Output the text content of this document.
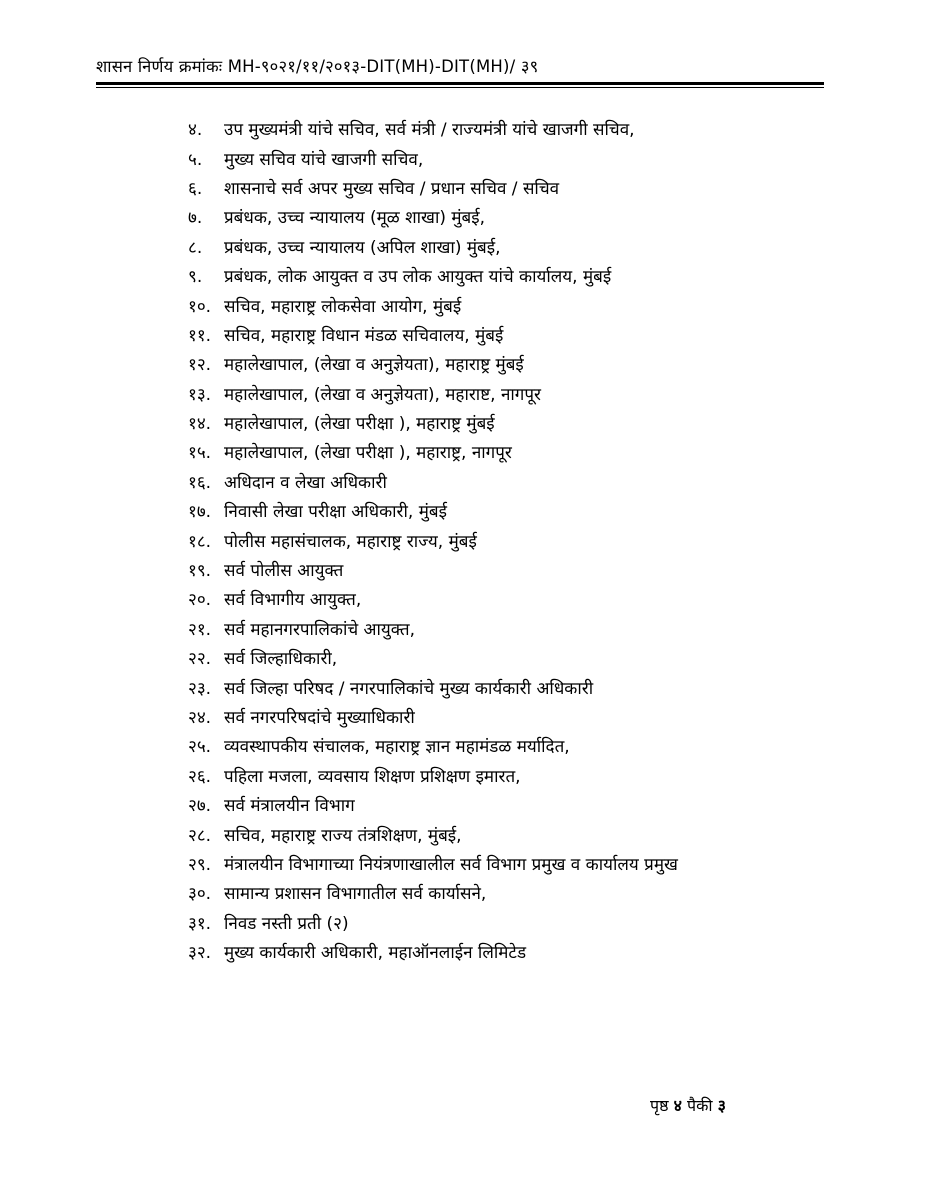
शासन निर्णय क्रमांकः MH-९०२१/११/२०१३-DIT(MH)-DIT(MH)/ ३९
४.	उप मुख्यमंत्री यांचे सचिव, सर्व मंत्री / राज्यमंत्री यांचे खाजगी सचिव,
५.	मुख्य सचिव यांचे खाजगी सचिव,
६.	शासनाचे सर्व अपर मुख्य सचिव / प्रधान सचिव / सचिव
७.	प्रबंधक, उच्च न्यायालय (मूळ शाखा) मुंबई,
८.	प्रबंधक, उच्च न्यायालय (अपिल शाखा) मुंबई,
९.	प्रबंधक, लोक आयुक्त व उप लोक आयुक्त यांचे कार्यालय, मुंबई
१०. सचिव, महाराष्ट्र लोकसेवा आयोग, मुंबई
११. सचिव, महाराष्ट्र विधान मंडळ सचिवालय, मुंबई
१२. महालेखापाल, (लेखा व अनुज्ञेयता), महाराष्ट्र मुंबई
१३. महालेखापाल, (लेखा व अनुज्ञेयता), महाराष्ट, नागपूर
१४. महालेखापाल, (लेखा परीक्षा ), महाराष्ट्र मुंबई
१५. महालेखापाल, (लेखा परीक्षा ), महाराष्ट्र, नागपूर
१६. अधिदान व लेखा अधिकारी
१७. निवासी लेखा परीक्षा अधिकारी, मुंबई
१८. पोलीस महासंचालक, महाराष्ट्र राज्य, मुंबई
१९. सर्व पोलीस आयुक्त
२०. सर्व विभागीय आयुक्त,
२१. सर्व महानगरपालिकांचे आयुक्त,
२२. सर्व जिल्हाधिकारी,
२३. सर्व जिल्हा परिषद / नगरपालिकांचे मुख्य कार्यकारी अधिकारी
२४. सर्व नगरपरिषदांचे मुख्याधिकारी
२५. व्यवस्थापकीय संचालक, महाराष्ट्र ज्ञान महामंडळ मर्यादित,
२६. पहिला मजला, व्यवसाय शिक्षण प्रशिक्षण इमारत,
२७. सर्व मंत्रालयीन विभाग
२८. सचिव, महाराष्ट्र राज्य तंत्रशिक्षण, मुंबई,
२९. मंत्रालयीन विभागाच्या नियंत्रणाखालील सर्व विभाग प्रमुख व कार्यालय प्रमुख
३०. सामान्य प्रशासन विभागातील सर्व कार्यासने,
३१. निवड नस्ती प्रती (२)
३२. मुख्य कार्यकारी अधिकारी, महाऑनलाईन लिमिटेड
पृष्ठ ४ पैकी ३
